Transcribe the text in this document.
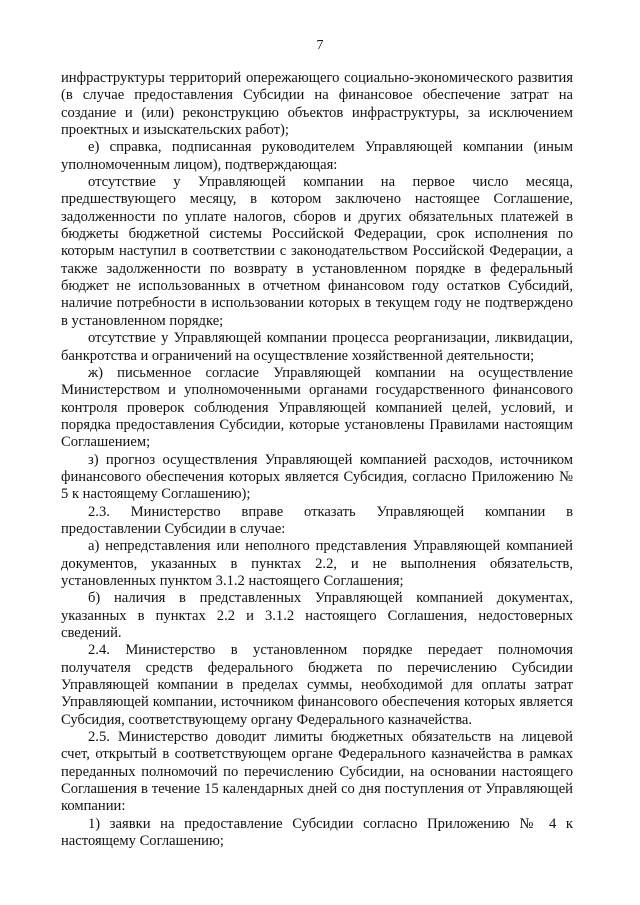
7

инфраструктуры территорий опережающего социально-экономического развития (в случае предоставления Субсидии на финансовое обеспечение затрат на создание и (или) реконструкцию объектов инфраструктуры, за исключением проектных и изыскательских работ);

е) справка, подписанная руководителем Управляющей компании (иным уполномоченным лицом), подтверждающая:

отсутствие у Управляющей компании на первое число месяца, предшествующего месяцу, в котором заключено настоящее Соглашение, задолженности по уплате налогов, сборов и других обязательных платежей в бюджеты бюджетной системы Российской Федерации, срок исполнения по которым наступил в соответствии с законодательством Российской Федерации, а также задолженности по возврату в установленном порядке в федеральный бюджет не использованных в отчетном финансовом году остатков Субсидий, наличие потребности в использовании которых в текущем году не подтверждено в установленном порядке;

отсутствие у Управляющей компании процесса реорганизации, ликвидации, банкротства и ограничений на осуществление хозяйственной деятельности;

ж) письменное согласие Управляющей компании на осуществление Министерством и уполномоченными органами государственного финансового контроля проверок соблюдения Управляющей компанией целей, условий, и порядка предоставления Субсидии, которые установлены Правилами настоящим Соглашением;

з) прогноз осуществления Управляющей компанией расходов, источником финансового обеспечения которых является Субсидия, согласно Приложению № 5 к настоящему Соглашению);

2.3. Министерство вправе отказать Управляющей компании в предоставлении Субсидии в случае:

а) непредставления или неполного представления Управляющей компанией документов, указанных в пунктах 2.2, и не выполнения обязательств, установленных пунктом 3.1.2 настоящего Соглашения;

б) наличия в представленных Управляющей компанией документах, указанных в пунктах 2.2 и 3.1.2 настоящего Соглашения, недостоверных сведений.

2.4. Министерство в установленном порядке передает полномочия получателя средств федерального бюджета по перечислению Субсидии Управляющей компании в пределах суммы, необходимой для оплаты затрат Управляющей компании, источником финансового обеспечения которых является Субсидия, соответствующему органу Федерального казначейства.

2.5. Министерство доводит лимиты бюджетных обязательств на лицевой счет, открытый в соответствующем органе Федерального казначейства в рамках переданных полномочий по перечислению Субсидии, на основании настоящего Соглашения в течение 15 календарных дней со дня поступления от Управляющей компании:

1) заявки на предоставление Субсидии согласно Приложению № 4 к настоящему Соглашению;
